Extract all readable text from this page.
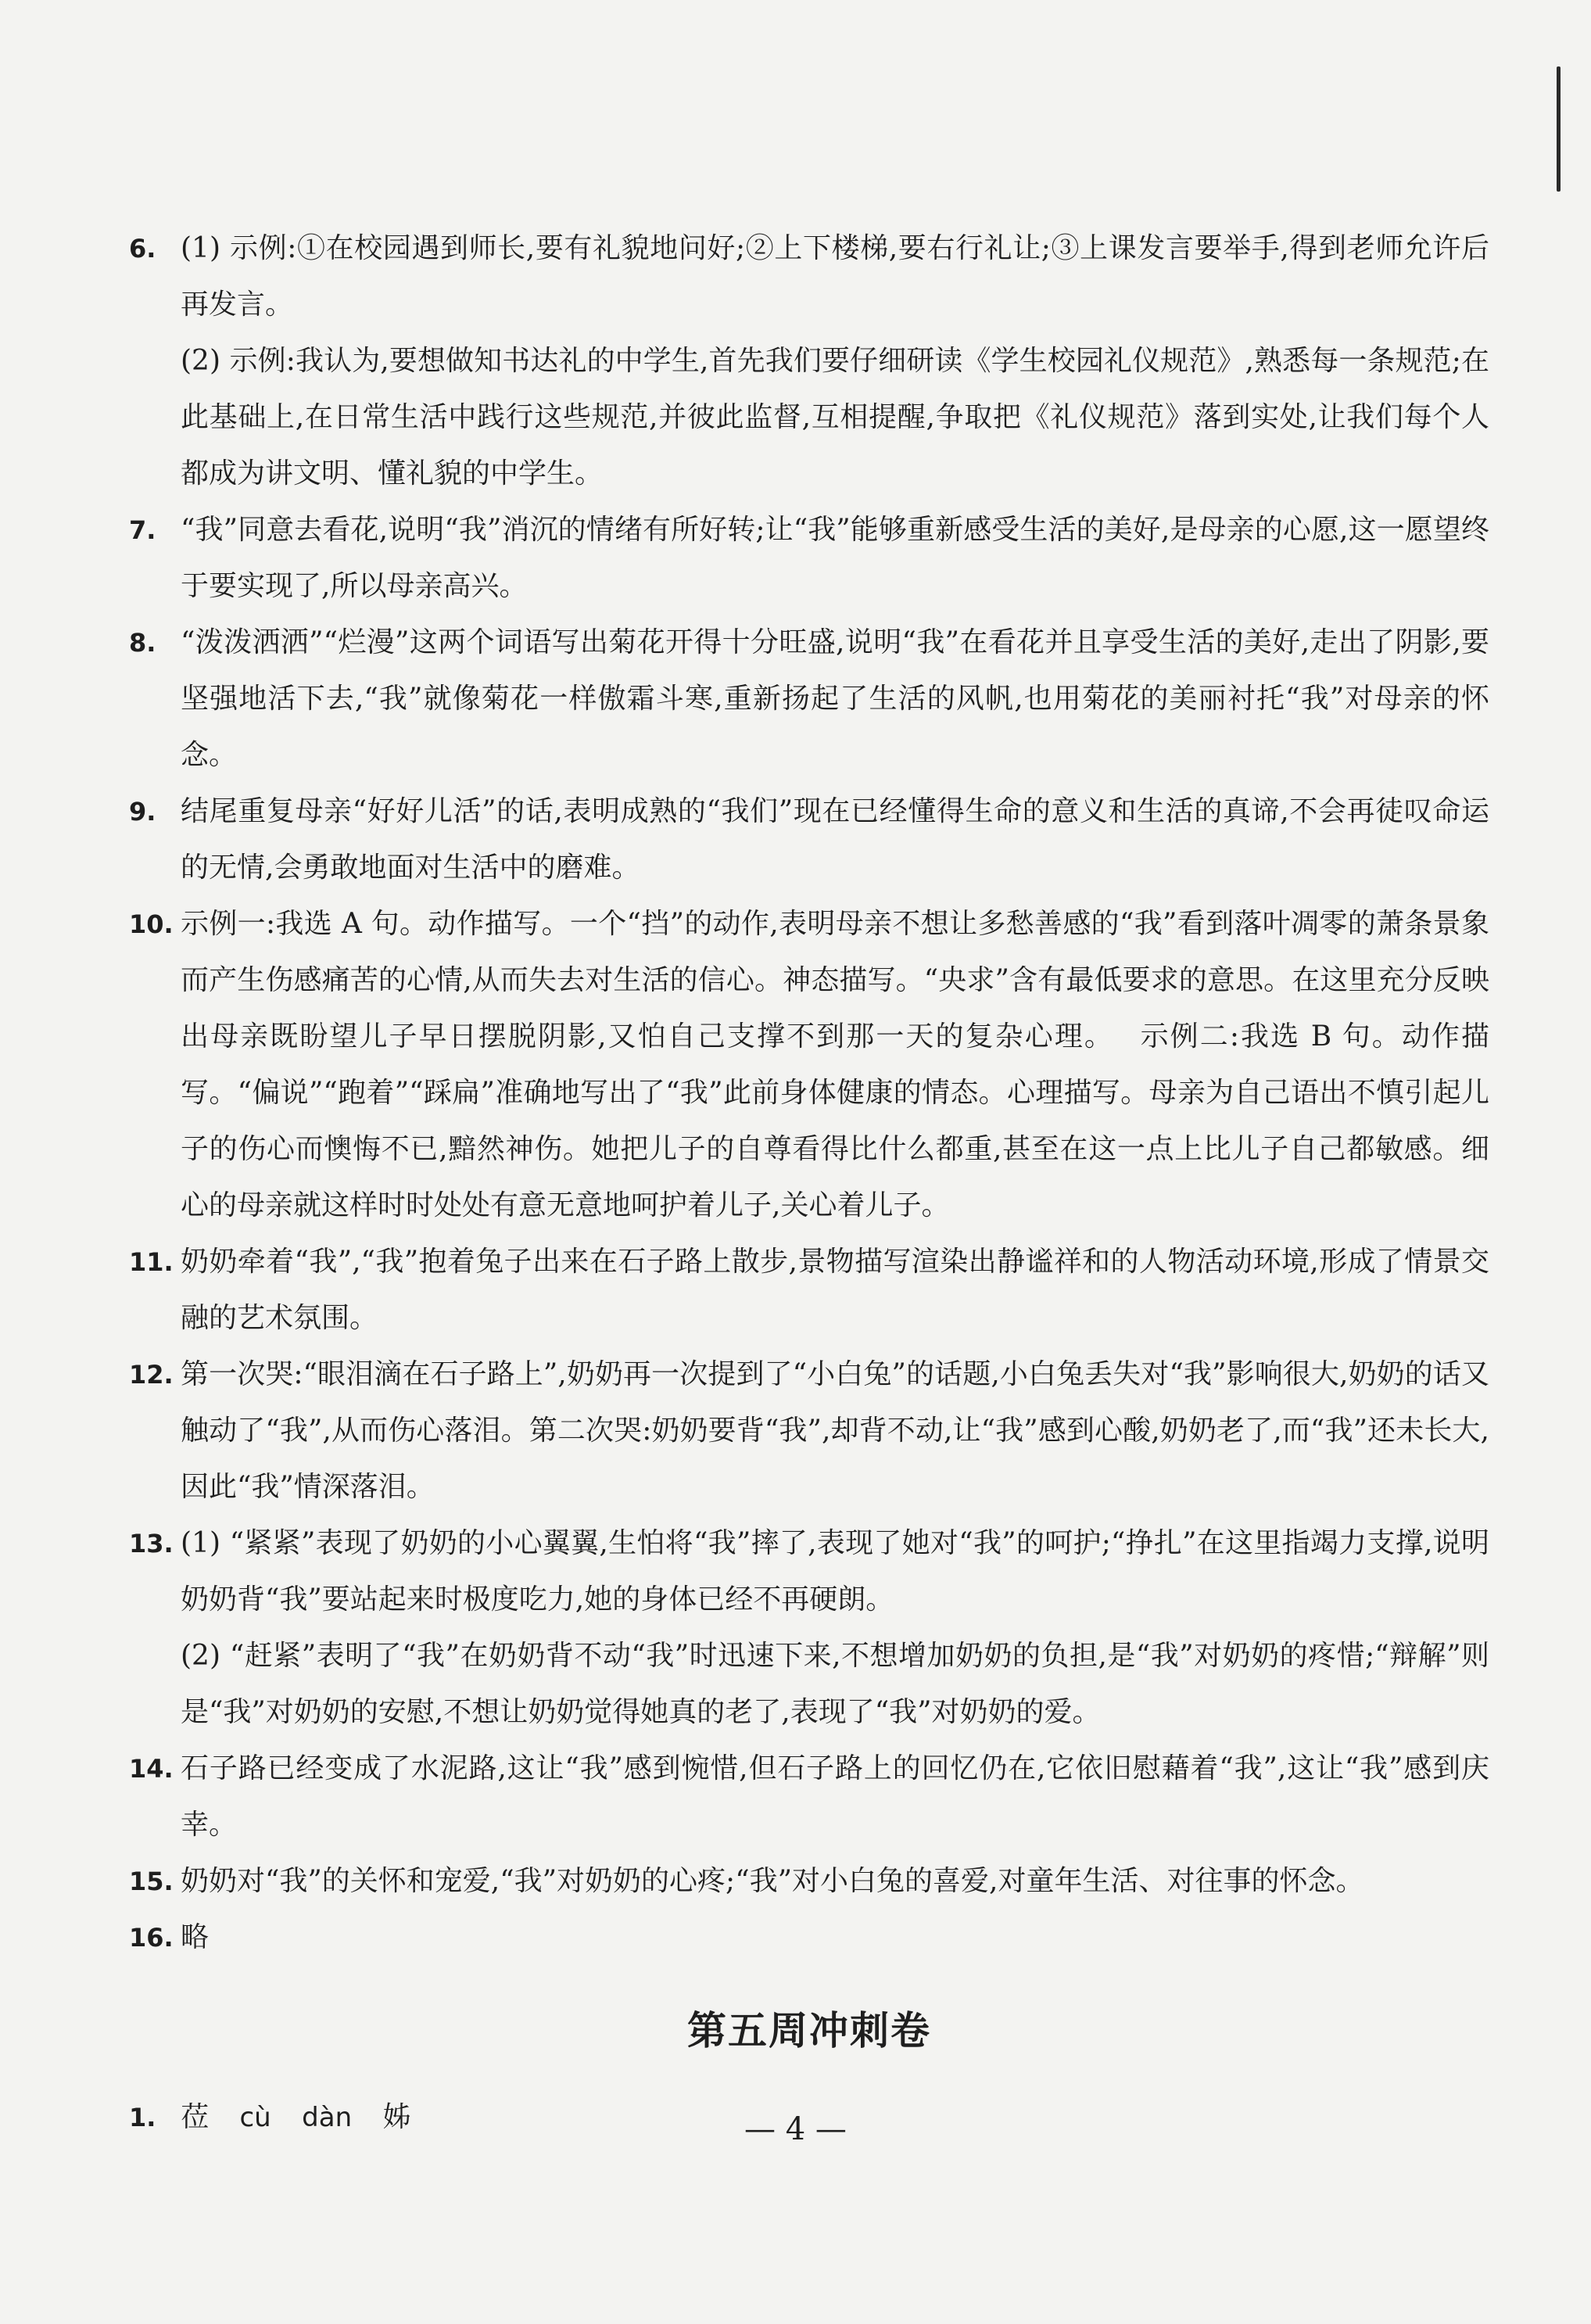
6. (1) 示例:①在校园遇到师长,要有礼貌地问好;②上下楼梯,要右行礼让;③上课发言要举手,得到老师允许后再发言。

(2) 示例:我认为,要想做知书达礼的中学生,首先我们要仔细研读《学生校园礼仪规范》,熟悉每一条规范;在此基础上,在日常生活中践行这些规范,并彼此监督,互相提醒,争取把《礼仪规范》落到实处,让我们每个人都成为讲文明、懂礼貌的中学生。

7. “我”同意去看花,说明“我”消沉的情绪有所好转;让“我”能够重新感受生活的美好,是母亲的心愿,这一愿望终于要实现了,所以母亲高兴。

8. “泼泼洒洒”“烂漫”这两个词语写出菊花开得十分旺盛,说明“我”在看花并且享受生活的美好,走出了阴影,要坚强地活下去,“我”就像菊花一样傲霜斗寒,重新扬起了生活的风帆,也用菊花的美丽衬托“我”对母亲的怀念。

9. 结尾重复母亲“好好儿活”的话,表明成熟的“我们”现在已经懂得生命的意义和生活的真谛,不会再徒叹命运的无情,会勇敢地面对生活中的磨难。

10. 示例一:我选 A 句。动作描写。一个“挡”的动作,表明母亲不想让多愁善感的“我”看到落叶凋零的萧条景象而产生伤感痛苦的心情,从而失去对生活的信心。神态描写。“央求”含有最低要求的意思。在这里充分反映出母亲既盼望儿子早日摆脱阴影,又怕自己支撑不到那一天的复杂心理。　 示例二:我选 B 句。动作描写。“偏说”“跑着”“踩扁”准确地写出了“我”此前身体健康的情态。心理描写。母亲为自己语出不慎引起儿子的伤心而懊悔不已,黯然神伤。她把儿子的自尊看得比什么都重,甚至在这一点上比儿子自己都敏感。细心的母亲就这样时时处处有意无意地呵护着儿子,关心着儿子。

11. 奶奶牵着“我”,“我”抱着兔子出来在石子路上散步,景物描写渲染出静谧祥和的人物活动环境,形成了情景交融的艺术氛围。

12. 第一次哭:“眼泪滴在石子路上”,奶奶再一次提到了“小白兔”的话题,小白兔丢失对“我”影响很大,奶奶的话又触动了“我”,从而伤心落泪。第二次哭:奶奶要背“我”,却背不动,让“我”感到心酸,奶奶老了,而“我”还未长大,因此“我”情深落泪。

13. (1) “紧紧”表现了奶奶的小心翼翼,生怕将“我”摔了,表现了她对“我”的呵护;“挣扎”在这里指竭力支撑,说明奶奶背“我”要站起来时极度吃力,她的身体已经不再硬朗。

(2) “赶紧”表明了“我”在奶奶背不动“我”时迅速下来,不想增加奶奶的负担,是“我”对奶奶的疼惜;“辩解”则是“我”对奶奶的安慰,不想让奶奶觉得她真的老了,表现了“我”对奶奶的爱。

14. 石子路已经变成了水泥路,这让“我”感到惋惜,但石子路上的回忆仍在,它依旧慰藉着“我”,这让“我”感到庆幸。

15. 奶奶对“我”的关怀和宠爱,“我”对奶奶的心疼;“我”对小白兔的喜爱,对童年生活、对往事的怀念。

16. 略

第五周冲刺卷
1. 莅 cù dàn 姊	— 4 —
